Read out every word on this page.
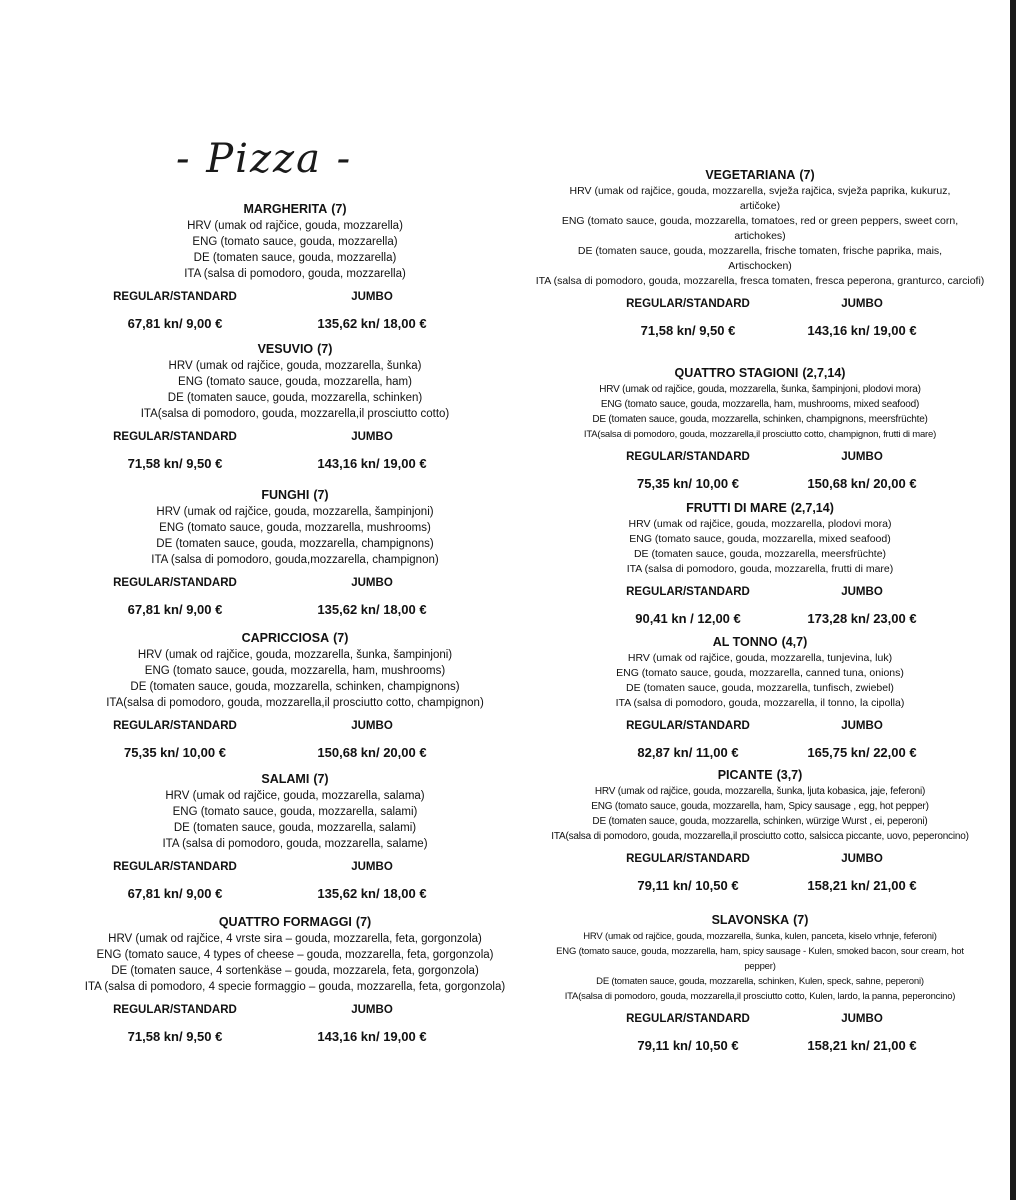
- Pizza -
MARGHERITA (7)
HRV (umak od rajčice, gouda, mozzarella)
ENG (tomato sauce, gouda, mozzarella)
DE (tomaten sauce, gouda, mozzarella)
ITA (salsa di pomodoro, gouda, mozzarella)
REGULAR/STANDARD
67,81 kn/ 9,00 €
JUMBO
135,62 kn/ 18,00 €
VESUVIO (7)
HRV (umak od rajčice, gouda, mozzarella, šunka)
ENG (tomato sauce, gouda, mozzarella, ham)
DE (tomaten sauce, gouda, mozzarella, schinken)
ITA(salsa di pomodoro, gouda, mozzarella,il prosciutto cotto)
REGULAR/STANDARD
71,58 kn/ 9,50 €
JUMBO
143,16 kn/ 19,00 €
FUNGHI (7)
HRV (umak od rajčice, gouda, mozzarella, šampinjoni)
ENG (tomato sauce, gouda, mozzarella, mushrooms)
DE (tomaten sauce, gouda, mozzarella, champignons)
ITA (salsa di pomodoro, gouda,mozzarella, champignon)
REGULAR/STANDARD
67,81 kn/ 9,00 €
JUMBO
135,62 kn/ 18,00 €
CAPRICCIOSA (7)
HRV (umak od rajčice, gouda, mozzarella, šunka, šampinjoni)
ENG (tomato sauce, gouda, mozzarella, ham, mushrooms)
DE (tomaten sauce, gouda, mozzarella, schinken, champignons)
ITA(salsa di pomodoro, gouda, mozzarella,il prosciutto cotto, champignon)
REGULAR/STANDARD
75,35 kn/ 10,00 €
JUMBO
150,68 kn/ 20,00 €
SALAMI (7)
HRV (umak od rajčice, gouda, mozzarella, salama)
ENG (tomato sauce, gouda, mozzarella, salami)
DE (tomaten sauce, gouda, mozzarella, salami)
ITA (salsa di pomodoro, gouda, mozzarella, salame)
REGULAR/STANDARD
67,81 kn/ 9,00 €
JUMBO
135,62 kn/ 18,00 €
QUATTRO FORMAGGI (7)
HRV (umak od rajčice, 4 vrste sira – gouda, mozzarella, feta, gorgonzola)
ENG (tomato sauce, 4 types of cheese – gouda, mozzarella, feta, gorgonzola)
DE (tomaten sauce, 4 sortenkäse – gouda, mozzarela, feta, gorgonzola)
ITA (salsa di pomodoro, 4 specie formaggio – gouda, mozzarella, feta, gorgonzola)
REGULAR/STANDARD
71,58 kn/ 9,50 €
JUMBO
143,16 kn/ 19,00 €
VEGETARIANA (7)
HRV (umak od rajčice, gouda, mozzarella, svježa rajčica, svježa paprika, kukuruz, artičoke)
ENG (tomato sauce, gouda, mozzarella, tomatoes, red or green peppers, sweet corn, artichokes)
DE (tomaten sauce, gouda, mozzarella, frische tomaten, frische paprika, mais, Artischocken)
ITA (salsa di pomodoro, gouda, mozzarella, fresca tomaten, fresca peperona, granturco, carciofi)
REGULAR/STANDARD
71,58 kn/ 9,50 €
JUMBO
143,16 kn/ 19,00 €
QUATTRO STAGIONI (2,7,14)
HRV (umak od rajčice, gouda, mozzarella, šunka, šampinjoni, plodovi mora)
ENG (tomato sauce, gouda, mozzarella, ham, mushrooms, mixed seafood)
DE (tomaten sauce, gouda, mozzarella, schinken, champignons, meersfrüchte)
ITA(salsa di pomodoro, gouda, mozzarella,il prosciutto cotto, champignon, frutti di mare)
REGULAR/STANDARD
75,35 kn/ 10,00 €
JUMBO
150,68 kn/ 20,00 €
FRUTTI DI MARE (2,7,14)
HRV (umak od rajčice, gouda, mozzarella, plodovi mora)
ENG (tomato sauce, gouda, mozzarella, mixed seafood)
DE (tomaten sauce, gouda, mozzarella, meersfrüchte)
ITA (salsa di pomodoro, gouda, mozzarella, frutti di mare)
REGULAR/STANDARD
90,41 kn / 12,00 €
JUMBO
173,28 kn/ 23,00 €
AL TONNO (4,7)
HRV (umak od rajčice, gouda, mozzarella, tunjevina, luk)
ENG (tomato sauce, gouda, mozzarella, canned tuna, onions)
DE (tomaten sauce, gouda, mozzarella, tunfisch, zwiebel)
ITA (salsa di pomodoro, gouda, mozzarella, il tonno, la cipolla)
REGULAR/STANDARD
82,87 kn/ 11,00 €
JUMBO
165,75 kn/ 22,00 €
PICANTE (3,7)
HRV (umak od rajčice, gouda, mozzarella, šunka, ljuta kobasica, jaje, feferoni)
ENG (tomato sauce, gouda, mozzarella, ham, Spicy sausage , egg, hot pepper)
DE (tomaten sauce, gouda, mozzarella, schinken, würzige Wurst , ei, peperoni)
ITA(salsa di pomodoro, gouda, mozzarella,il prosciutto cotto, salsicca piccante, uovo, peperoncino)
REGULAR/STANDARD
79,11 kn/ 10,50 €
JUMBO
158,21 kn/ 21,00 €
SLAVONSKA (7)
HRV (umak od rajčice, gouda, mozzarella, šunka, kulen, panceta, kiselo vrhnje, feferoni)
ENG (tomato sauce, gouda, mozzarella, ham, spicy sausage - Kulen, smoked bacon, sour cream, hot pepper)
DE (tomaten sauce, gouda, mozzarella, schinken, Kulen, speck, sahne, peperoni)
ITA(salsa di pomodoro, gouda, mozzarella,il prosciutto cotto, Kulen, lardo, la panna, peperoncino)
REGULAR/STANDARD
79,11 kn/ 10,50 €
JUMBO
158,21 kn/ 21,00 €
